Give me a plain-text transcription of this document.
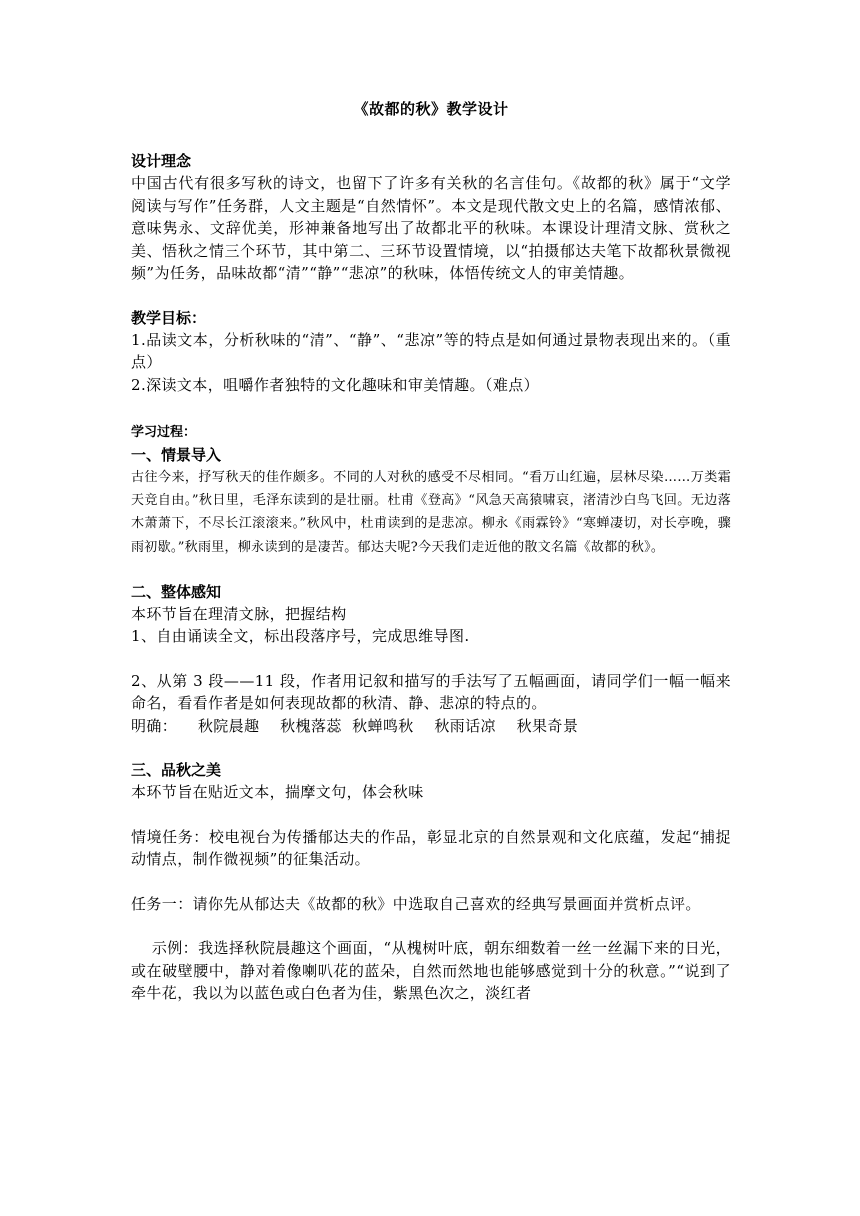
《故都的秋》教学设计

设计理念

中国古代有很多写秋的诗文，也留下了许多有关秋的名言佳句。《故都的秋》属于“文学阅读与写作”任务群，人文主题是“自然情怀”。本文是现代散文史上的名篇，感情浓郁、意味隽永、文辞优美，形神兼备地写出了故都北平的秋味。本课设计理清文脉、赏秋之美、悟秋之情三个环节，其中第二、三环节设置情境，以“拍摄郁达夫笔下故都秋景微视频”为任务，品味故都“清”“静”“悲凉”的秋味，体悟传统文人的审美情趣。

教学目标：

1.品读文本，分析秋味的“清”、“静”、“悲凉”等的特点是如何通过景物表现出来的。（重点）

2.深读文本，咀嚼作者独特的文化趣味和审美情趣。（难点）

学习过程：

一、情景导入

古往今来，抒写秋天的佳作颇多。不同的人对秋的感受不尽相同。“看万山红遍，层林尽染……万类霜天竞自由。”秋日里，毛泽东读到的是壮丽。杜甫《登高》“风急天高猿啸哀，渚清沙白鸟飞回。无边落木萧萧下，不尽长江滚滚来。”秋风中，杜甫读到的是悲凉。柳永《雨霖铃》“寒蝉凄切，对长亭晚，骤雨初歇。”秋雨里，柳永读到的是凄苦。郁达夫呢?今天我们走近他的散文名篇《故都的秋》。

二、整体感知

本环节旨在理清文脉，把握结构

1、自由诵读全文，标出段落序号，完成思维导图.

2、从第 3 段——11 段，作者用记叙和描写的手法写了五幅画面，请同学们一幅一幅来命名，看看作者是如何表现故都的秋清、静、悲凉的特点的。

明确：    秋院晨趣    秋槐落蕊  秋蝉鸣秋    秋雨话凉    秋果奇景

三、品秋之美

本环节旨在贴近文本，揣摩文句，体会秋味

情境任务：校电视台为传播郁达夫的作品，彰显北京的自然景观和文化底蕴，发起“捕捉动情点，制作微视频”的征集活动。

任务一：请你先从郁达夫《故都的秋》中选取自己喜欢的经典写景画面并赏析点评。

示例：我选择秋院晨趣这个画面，“从槐树叶底，朝东细数着一丝一丝漏下来的日光，或在破壁腰中，静对着像喇叭花的蓝朵，自然而然地也能够感觉到十分的秋意。”“说到了牵牛花，我以为以蓝色或白色者为佳，紫黑色次之，淡红者
